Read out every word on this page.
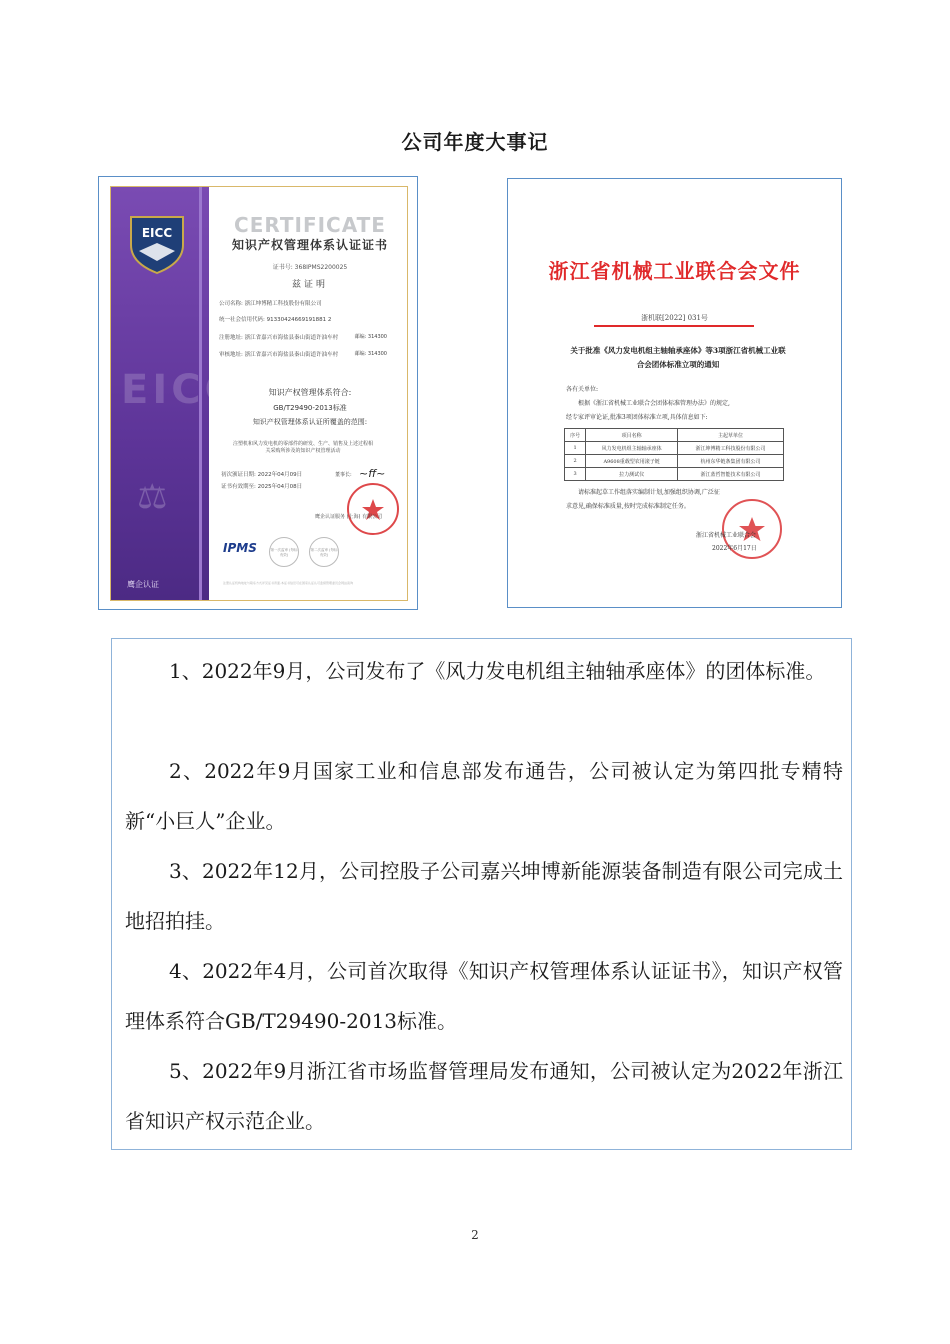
公司年度大事记
EICC
EICC
⚖
鹰企认证
CERTIFICATE
知识产权管理体系认证证书
证书号: 368IPMS2200025
兹证明
公司名称: 浙江坤博精工科技股份有限公司
统一社会信用代码: 91330424669191881 2
注册地址: 浙江省嘉兴市海盐县秦山街道许油车村	邮编: 314300
审核地址: 浙江省嘉兴市海盐县秦山街道许油车村	邮编: 314300
知识产权管理体系符合:
GB/T29490-2013标准
知识产权管理体系认证所覆盖的范围:
注塑机和风力发电机的零部件的研发、生产、销售及上述过程相关采购所涉及的知识产权管理活动
初次颁证日期: 2022年04月09日
证书有效期至: 2025年04月08日
董事长: ~ff~
鹰企认证服务 (上海) 有限公司
IPMS	第一次监审 (每标有效)
第二次监审 (每标有效)
注册认证机构地址与联系方式详见证书背面,本证书信息可在国家认证认可监督管理委员会网站查询
浙江省机械工业联合会文件
浙机联[2022] 031号
关于批准《风力发电机组主轴轴承座体》等3项浙江省机械工业联合会团体标准立项的通知
各有关单位:
根据《浙江省机械工业联合会团体标准管理办法》的规定,
经专家评审论证,批准3项团体标准立项,具体信息如下:
序号	项目名称	主起草单位
1	风力发电机组主轴轴承座体	浙江坤博精工科技股份有限公司
2	A9608重载型农用滚子链	杭州东华链条集团有限公司
3	拉力测试仪	浙江蓝哲智能技术有限公司
请标准起草工作组落实编制计划,加强组织协调,广泛征
求意见,确保标准质量,按时完成标准制定任务。
浙江省机械工业联合会
2022年6月17日
1、2022年9月，公司发布了《风力发电机组主轴轴承座体》的团体标准。
2、2022年9月国家工业和信息部发布通告，公司被认定为第四批专精特新“小巨人”企业。
3、2022年12月，公司控股子公司嘉兴坤博新能源装备制造有限公司完成土地招拍挂。
4、2022年4月，公司首次取得《知识产权管理体系认证证书》，知识产权管理体系符合GB/T29490-2013标准。
5、2022年9月浙江省市场监督管理局发布通知，公司被认定为2022年浙江省知识产权示范企业。
2
